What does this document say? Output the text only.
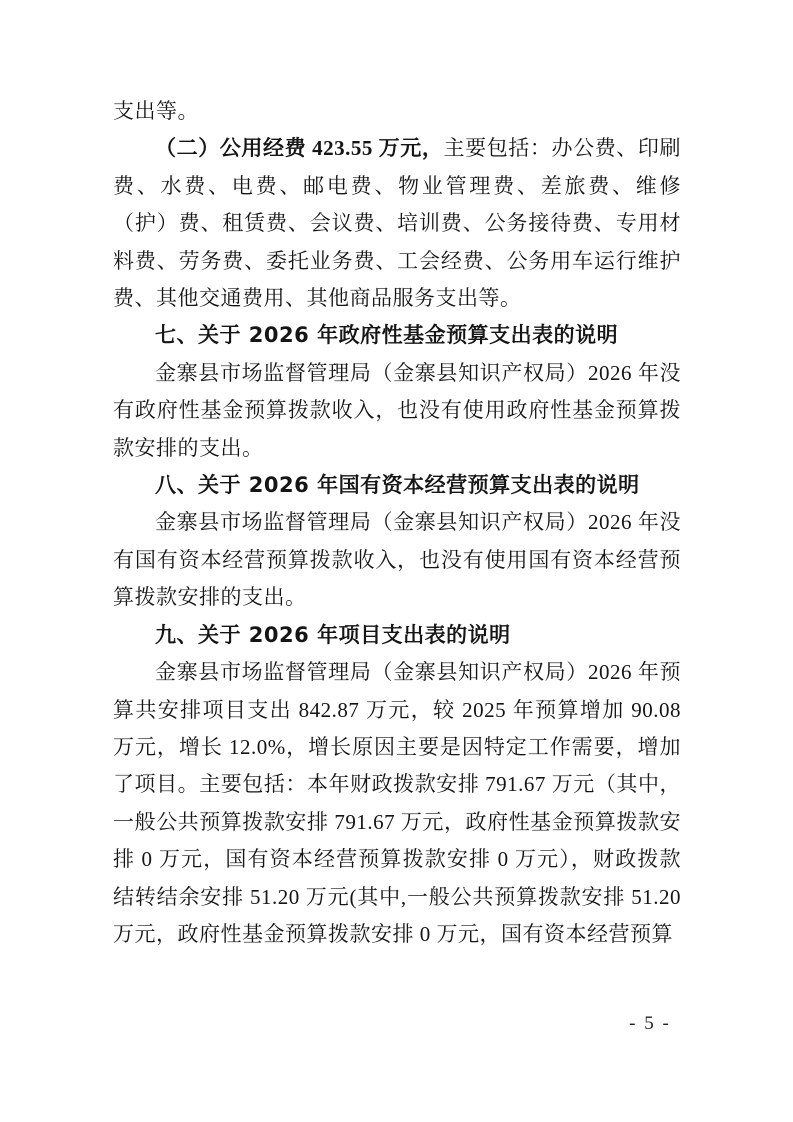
支出等。

（二）公用经费 423.55 万元，主要包括：办公费、印刷费、水费、电费、邮电费、物业管理费、差旅费、维修（护）费、租赁费、会议费、培训费、公务接待费、专用材料费、劳务费、委托业务费、工会经费、公务用车运行维护费、其他交通费用、其他商品服务支出等。

七、关于 2026 年政府性基金预算支出表的说明

金寨县市场监督管理局（金寨县知识产权局）2026 年没有政府性基金预算拨款收入，也没有使用政府性基金预算拨款安排的支出。

八、关于 2026 年国有资本经营预算支出表的说明

金寨县市场监督管理局（金寨县知识产权局）2026 年没有国有资本经营预算拨款收入，也没有使用国有资本经营预算拨款安排的支出。

九、关于 2026 年项目支出表的说明

金寨县市场监督管理局（金寨县知识产权局）2026 年预算共安排项目支出 842.87 万元，较 2025 年预算增加 90.08 万元，增长 12.0%，增长原因主要是因特定工作需要，增加了项目。主要包括：本年财政拨款安排 791.67 万元（其中，一般公共预算拨款安排 791.67 万元，政府性基金预算拨款安排 0 万元，国有资本经营预算拨款安排 0 万元），财政拨款结转结余安排 51.20 万元(其中,一般公共预算拨款安排 51.20 万元，政府性基金预算拨款安排 0 万元，国有资本经营预算

- 5 -
